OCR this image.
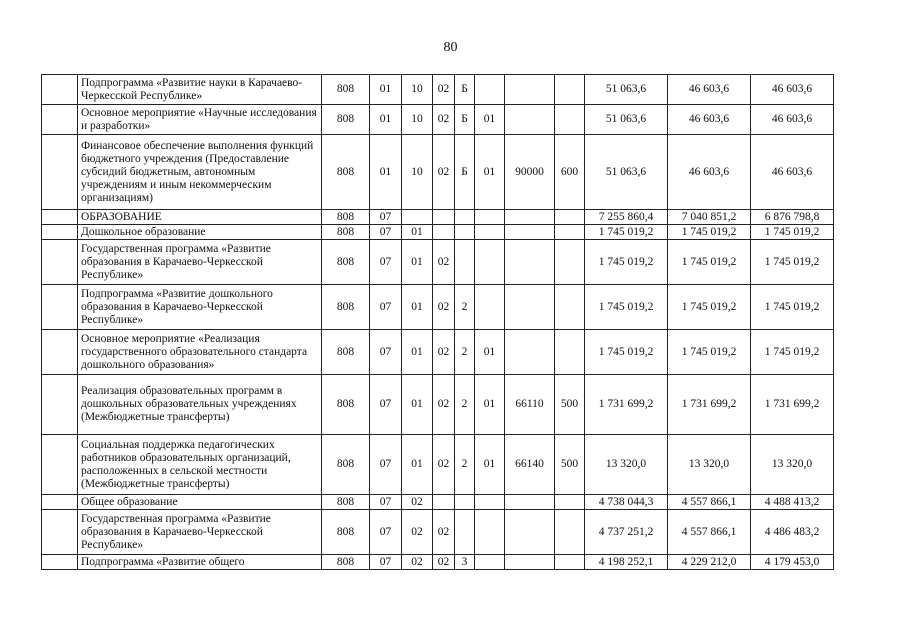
80
	Подпрограмма «Развитие науки в Карачаево-Черкесской Республике»	808	01	10	02	Б				51 063,6	46 603,6	46 603,6
	Основное мероприятие «Научные исследования и разработки»	808	01	10	02	Б	01			51 063,6	46 603,6	46 603,6
	Финансовое обеспечение выполнения функций бюджетного учреждения (Предоставление субсидий бюджетным, автономным учреждениям и иным некоммерческим организациям)	808	01	10	02	Б	01	90000	600	51 063,6	46 603,6	46 603,6
	ОБРАЗОВАНИЕ	808	07							7 255 860,4	7 040 851,2	6 876 798,8
	Дошкольное образование	808	07	01						1 745 019,2	1 745 019,2	1 745 019,2
	Государственная программа «Развитие образования в Карачаево-Черкесской Республике»	808	07	01	02					1 745 019,2	1 745 019,2	1 745 019,2
	Подпрограмма «Развитие дошкольного образования в Карачаево-Черкесской Республике»	808	07	01	02	2				1 745 019,2	1 745 019,2	1 745 019,2
	Основное мероприятие «Реализация государственного образовательного стандарта дошкольного образования»	808	07	01	02	2	01			1 745 019,2	1 745 019,2	1 745 019,2
	Реализация образовательных программ в дошкольных образовательных учреждениях (Межбюджетные трансферты)	808	07	01	02	2	01	66110	500	1 731 699,2	1 731 699,2	1 731 699,2
	Социальная поддержка педагогических работников образовательных организаций, расположенных в сельской местности (Межбюджетные трансферты)	808	07	01	02	2	01	66140	500	13 320,0	13 320,0	13 320,0
	Общее образование	808	07	02						4 738 044,3	4 557 866,1	4 488 413,2
	Государственная программа «Развитие образования в Карачаево-Черкесской Республике»	808	07	02	02					4 737 251,2	4 557 866,1	4 486 483,2
	Подпрограмма «Развитие общего	808	07	02	02	3				4 198 252,1	4 229 212,0	4 179 453,0
